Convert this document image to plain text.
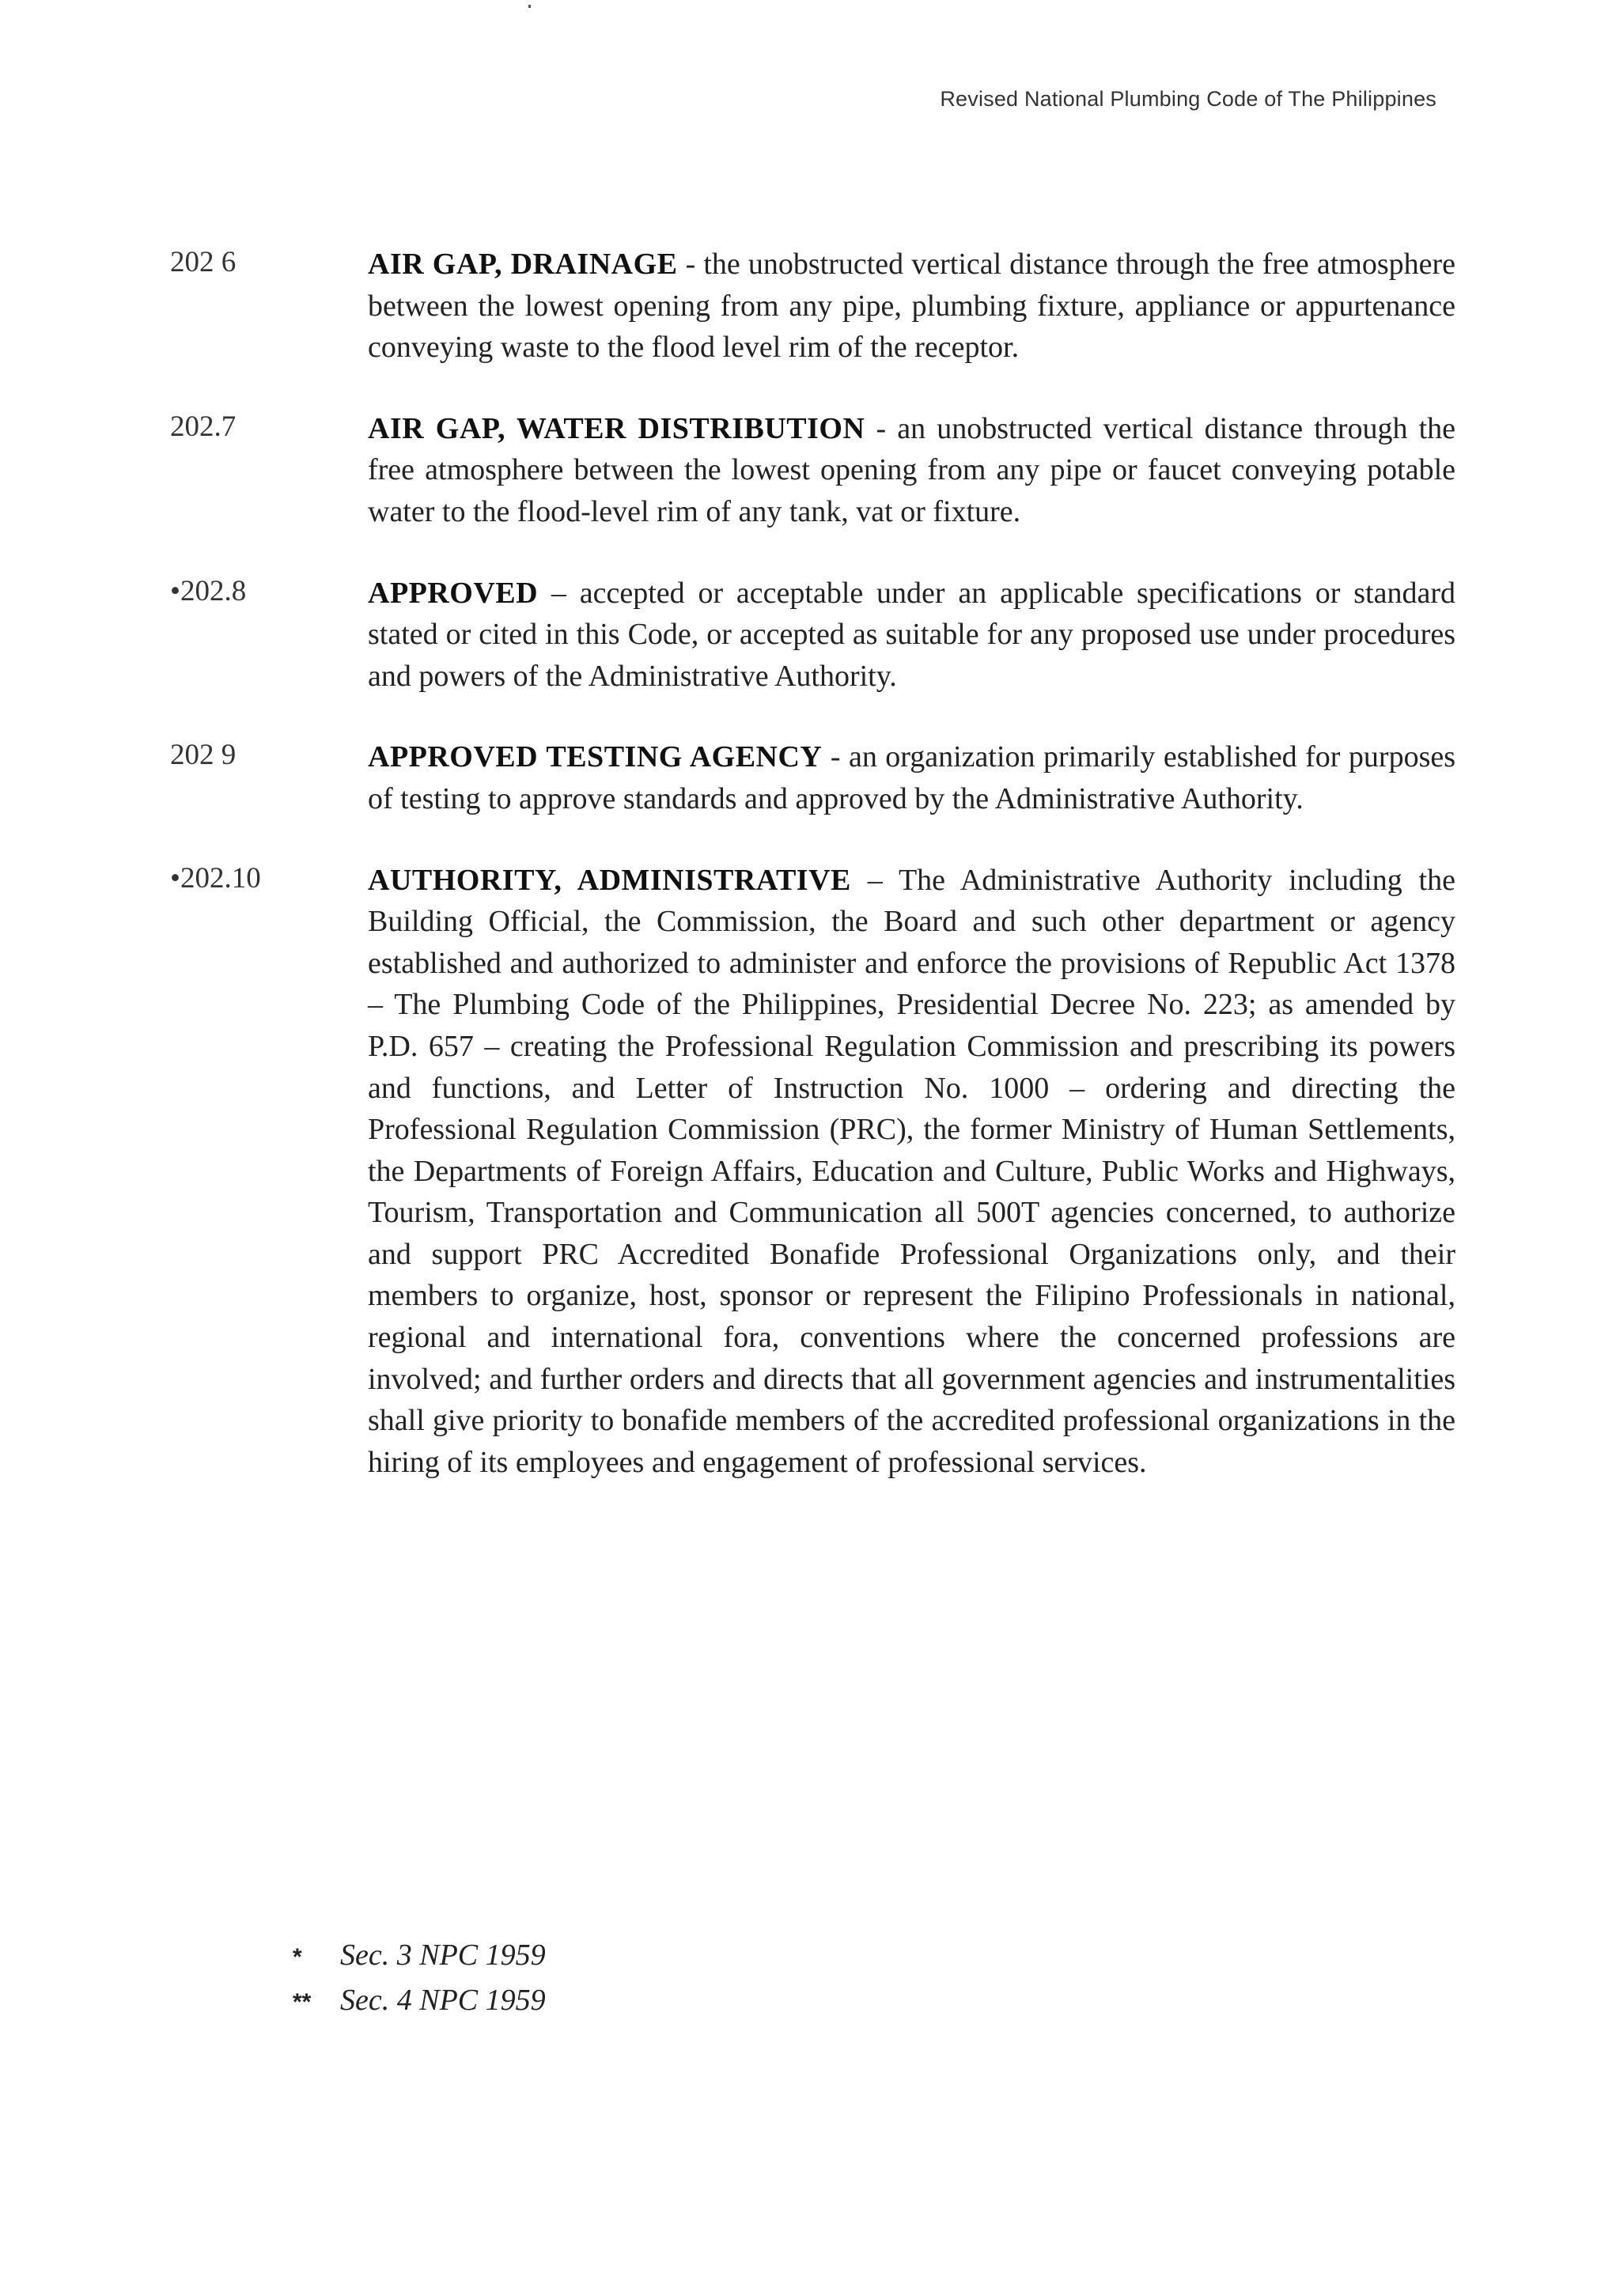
Revised National Plumbing Code of The Philippines
202 6	AIR GAP, DRAINAGE - the unobstructed vertical distance through the free atmosphere between the lowest opening from any pipe, plumbing fixture, appliance or appurtenance conveying waste to the flood level rim of the receptor.
202.7	AIR GAP, WATER DISTRIBUTION - an unobstructed vertical distance through the free atmosphere between the lowest opening from any pipe or faucet conveying potable water to the flood-level rim of any tank, vat or fixture.
•202.8	APPROVED – accepted or acceptable under an applicable specifications or standard stated or cited in this Code, or accepted as suitable for any proposed use under procedures and powers of the Administrative Authority.
202 9	APPROVED TESTING AGENCY - an organization primarily established for purposes of testing to approve standards and approved by the Administrative Authority.
•202.10	AUTHORITY, ADMINISTRATIVE – The Administrative Authority including the Building Official, the Commission, the Board and such other department or agency established and authorized to administer and enforce the provisions of Republic Act 1378 – The Plumbing Code of the Philippines, Presidential Decree No. 223; as amended by P.D. 657 – creating the Professional Regulation Commission and prescribing its powers and functions, and Letter of Instruction No. 1000 – ordering and directing the Professional Regulation Commission (PRC), the former Ministry of Human Settlements, the Departments of Foreign Affairs, Education and Culture, Public Works and Highways, Tourism, Transportation and Communication all 500T agencies concerned, to authorize and support PRC Accredited Bonafide Professional Organizations only, and their members to organize, host, sponsor or represent the Filipino Professionals in national, regional and international fora, conventions where the concerned professions are involved; and further orders and directs that all government agencies and instrumentalities shall give priority to bonafide members of the accredited professional organizations in the hiring of its employees and engagement of professional services.
*	Sec. 3 NPC 1959
** Sec. 4 NPC 1959
